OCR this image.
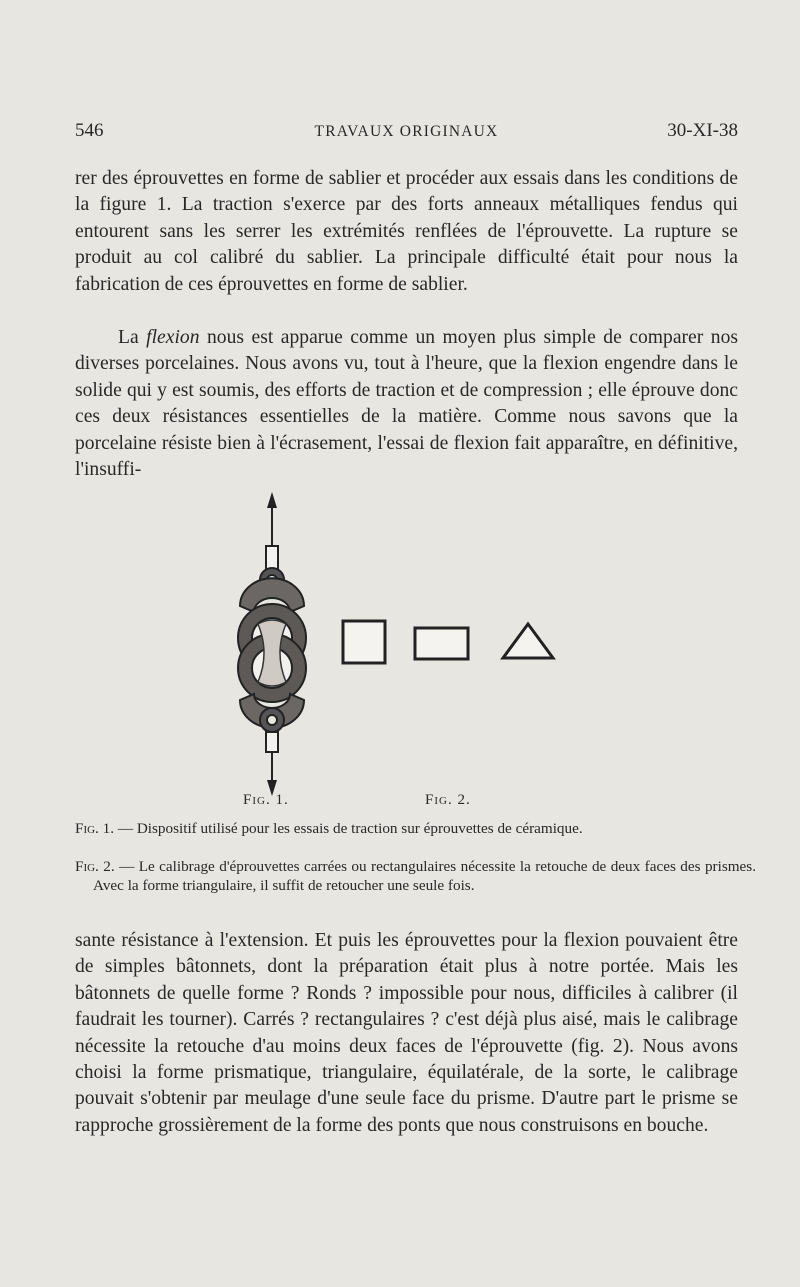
546	TRAVAUX ORIGINAUX	30-XI-38

rer des éprouvettes en forme de sablier et procéder aux essais dans les conditions de la figure 1. La traction s'exerce par des forts anneaux métalliques fendus qui entourent sans les serrer les extrémités renflées de l'éprouvette. La rupture se produit au col calibré du sablier. La principale difficulté était pour nous la fabrication de ces éprouvettes en forme de sablier.

La flexion nous est apparue comme un moyen plus simple de comparer nos diverses porcelaines. Nous avons vu, tout à l'heure, que la flexion engendre dans le solide qui y est soumis, des efforts de traction et de compression ; elle éprouve donc ces deux résistances essentielles de la matière. Comme nous savons que la porcelaine résiste bien à l'écrasement, l'essai de flexion fait apparaître, en définitive, l'insuffi-

Fig. 1.	Fig. 2.

Fig. 1. — Dispositif utilisé pour les essais de traction sur éprouvettes de céramique.

Fig. 2. — Le calibrage d'éprouvettes carrées ou rectangulaires nécessite la retouche de deux faces des prismes. Avec la forme triangulaire, il suffit de retoucher une seule fois.

sante résistance à l'extension. Et puis les éprouvettes pour la flexion pouvaient être de simples bâtonnets, dont la préparation était plus à notre portée. Mais les bâtonnets de quelle forme ? Ronds ? impossible pour nous, difficiles à calibrer (il faudrait les tourner). Carrés ? rectangulaires ? c'est déjà plus aisé, mais le calibrage nécessite la retouche d'au moins deux faces de l'éprouvette (fig. 2). Nous avons choisi la forme prismatique, triangulaire, équilatérale, de la sorte, le calibrage pouvait s'obtenir par meulage d'une seule face du prisme. D'autre part le prisme se rapproche grossièrement de la forme des ponts que nous construisons en bouche.
